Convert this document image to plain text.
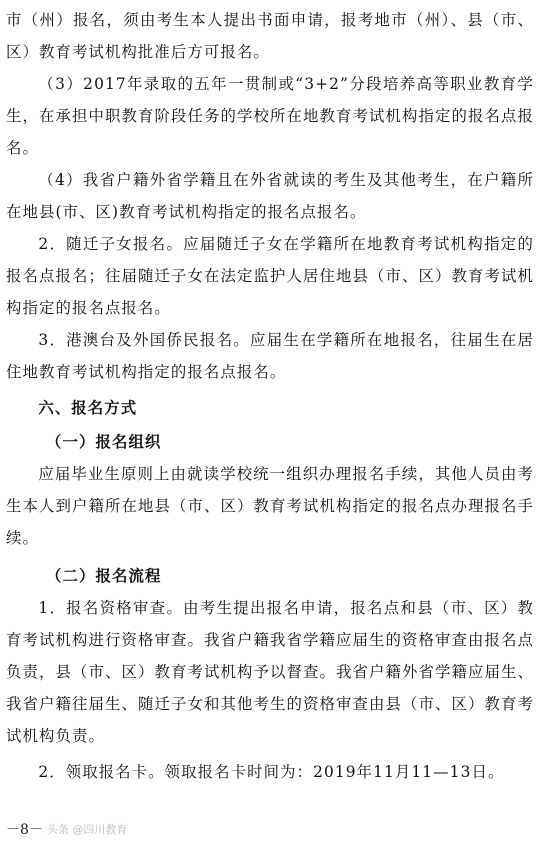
市（州）报名，须由考生本人提出书面申请，报考地市（州）、县（市、区）教育考试机构批准后方可报名。

（3）2017年录取的五年一贯制或“3+2”分段培养高等职业教育学生，在承担中职教育阶段任务的学校所在地教育考试机构指定的报名点报名。

（4）我省户籍外省学籍且在外省就读的考生及其他考生，在户籍所在地县(市、区)教育考试机构指定的报名点报名。

2．随迁子女报名。应届随迁子女在学籍所在地教育考试机构指定的报名点报名；往届随迁子女在法定监护人居住地县（市、区）教育考试机构指定的报名点报名。

3．港澳台及外国侨民报名。应届生在学籍所在地报名，往届生在居住地教育考试机构指定的报名点报名。

六、报名方式

（一）报名组织

应届毕业生原则上由就读学校统一组织办理报名手续，其他人员由考生本人到户籍所在地县（市、区）教育考试机构指定的报名点办理报名手续。

（二）报名流程

1．报名资格审查。由考生提出报名申请，报名点和县（市、区）教育考试机构进行资格审查。我省户籍我省学籍应届生的资格审查由报名点负责，县（市、区）教育考试机构予以督查。我省户籍外省学籍应届生、我省户籍往届生、随迁子女和其他考生的资格审查由县（市、区）教育考试机构负责。

2．领取报名卡。领取报名卡时间为：2019年11月11—13日。

－8－ 头条 @四川教育
